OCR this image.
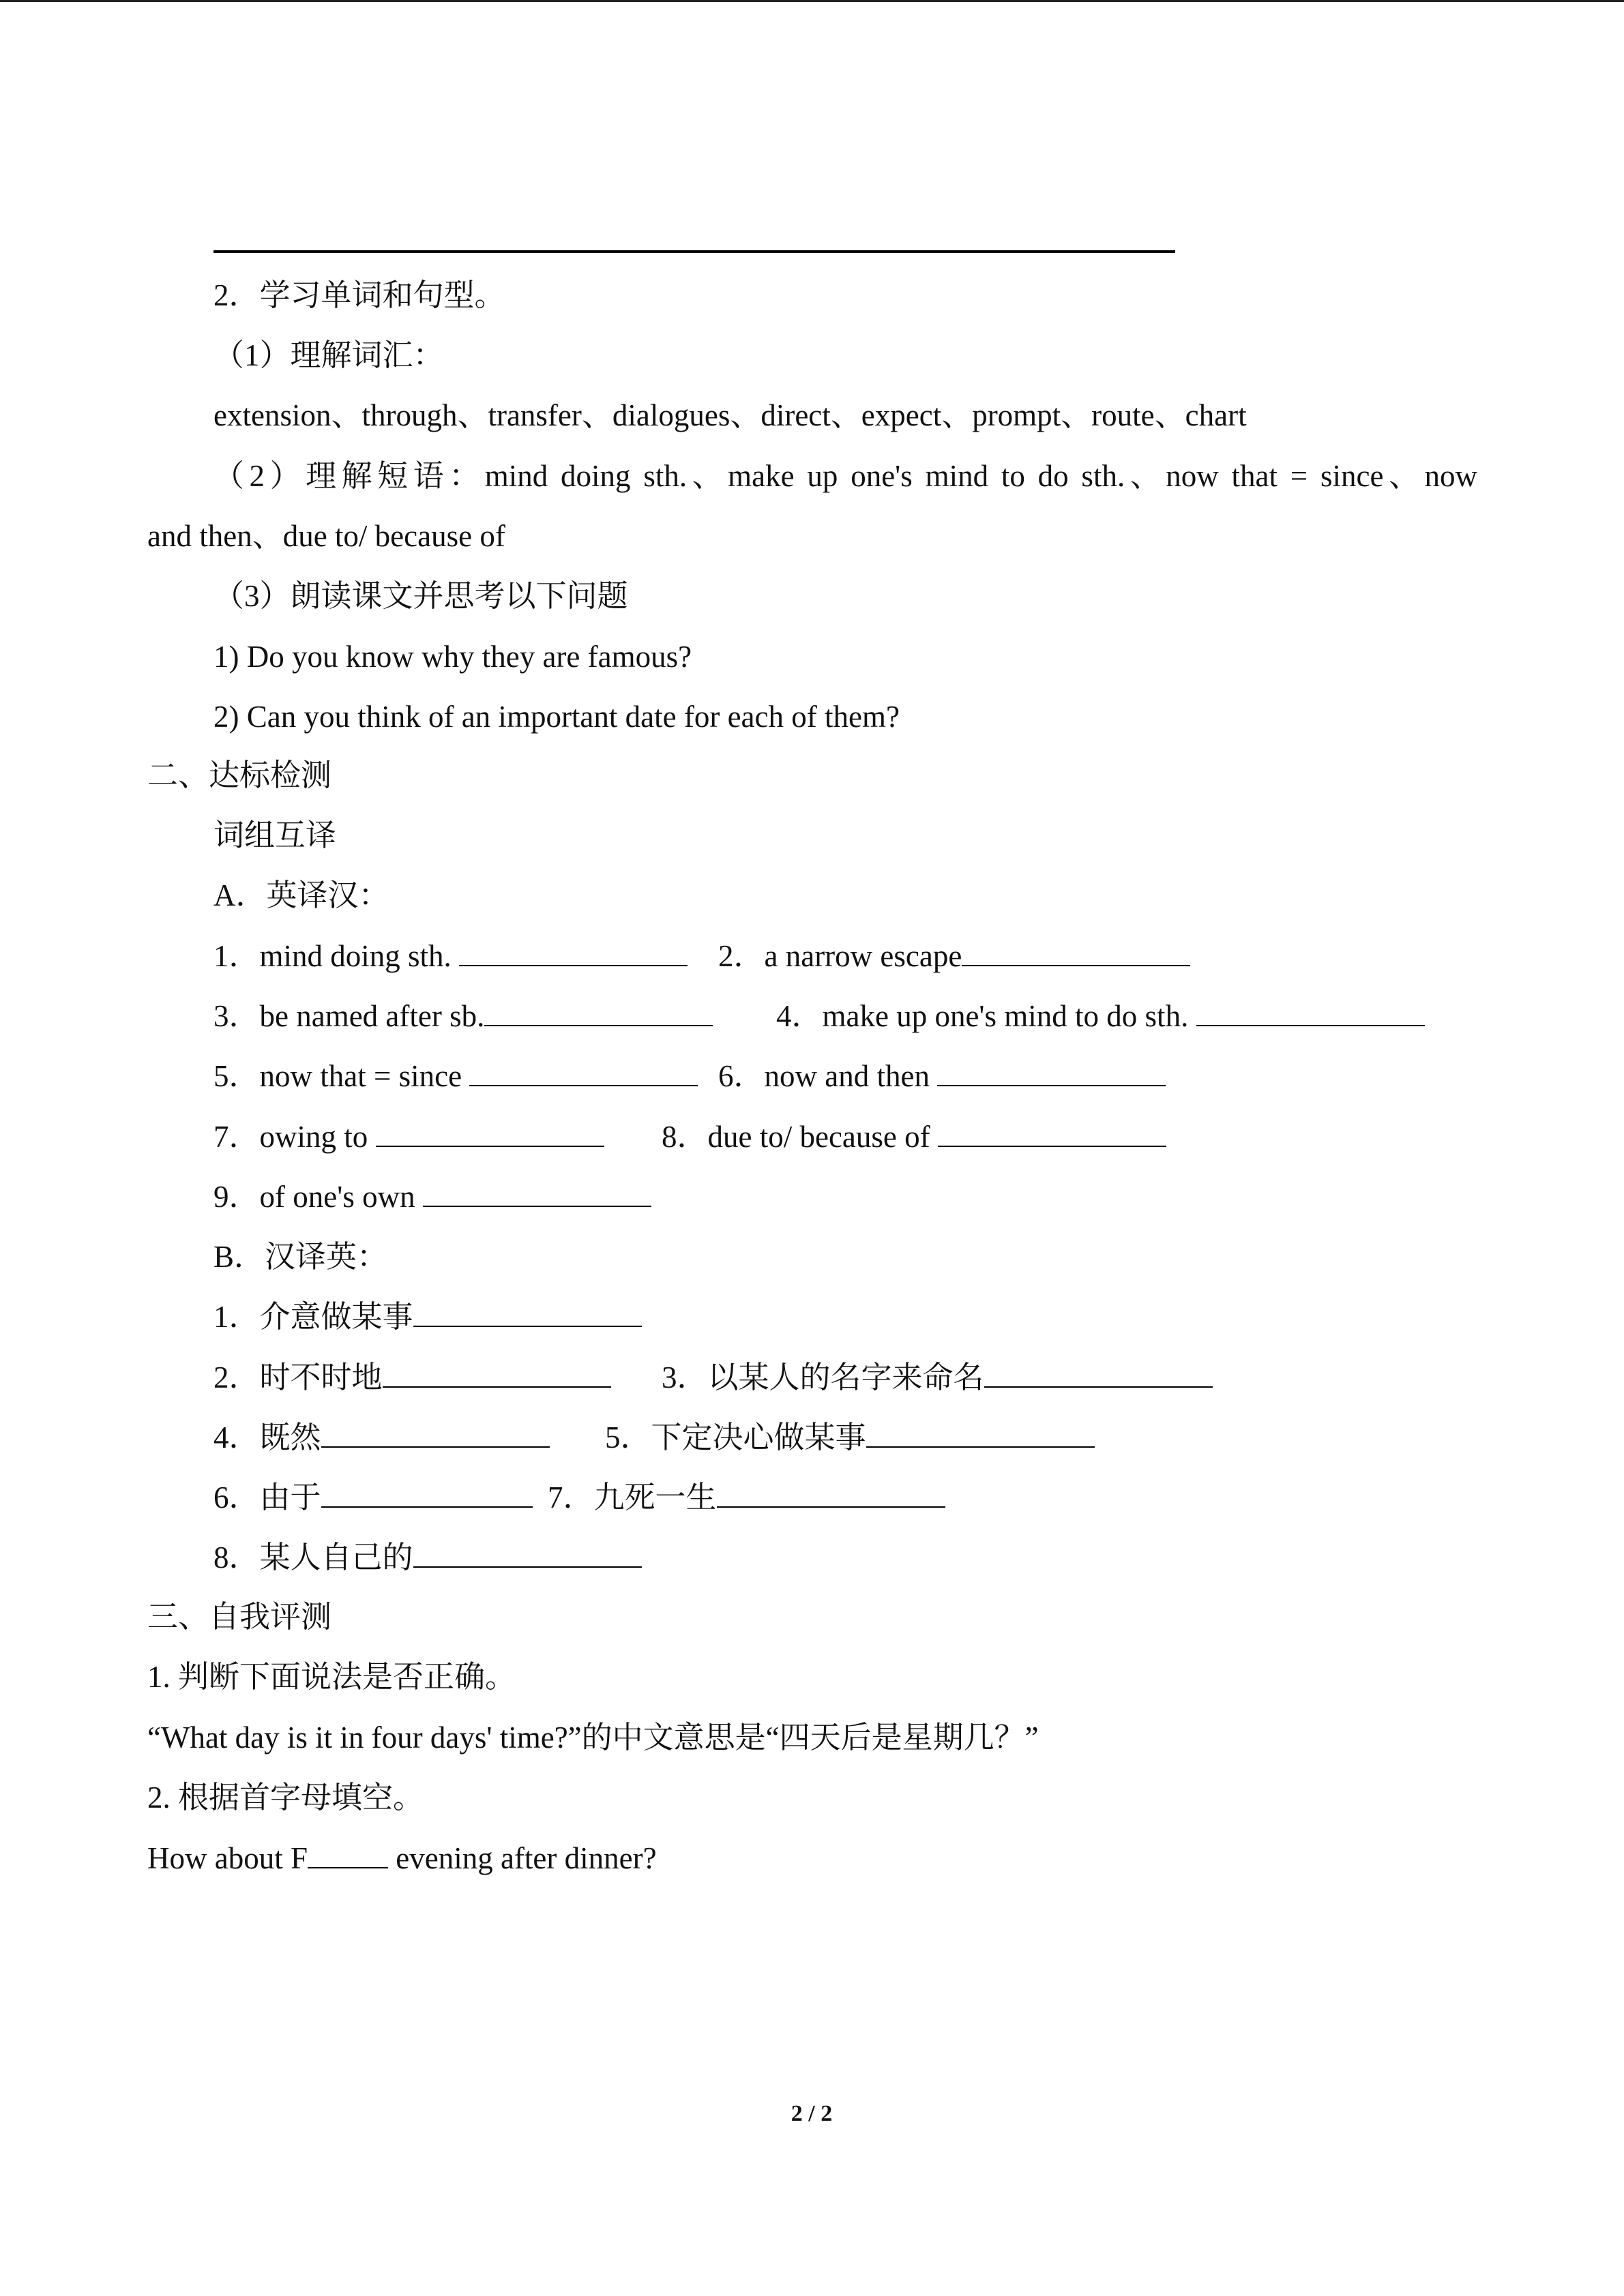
2．学习单词和句型。
（1）理解词汇：
extension、through、transfer、dialogues、direct、expect、prompt、route、chart
（2）理解短语：mind doing sth.、make up one's mind to do sth.、now that = since、now
and then、due to/ because of
（3）朗读课文并思考以下问题
1) Do you know why they are famous?
2) Can you think of an important date for each of them?
二、达标检测
词组互译
A．英译汉：
1．mind doing sth.	2．a narrow escape
3．be named after sb.	4．make up one's mind to do sth.
5．now that = since	6．now and then
7．owing to	8．due to/ because of
9．of one's own
B．汉译英：
1．介意做某事
2．时不时地	3．以某人的名字来命名
4．既然	5．下定决心做某事
6．由于	7．九死一生
8．某人自己的
三、自我评测
1. 判断下面说法是否正确。
“What day is it in four days' time?”的中文意思是“四天后是星期几？”
2. 根据首字母填空。
How about F	evening after dinner?
2 / 2
